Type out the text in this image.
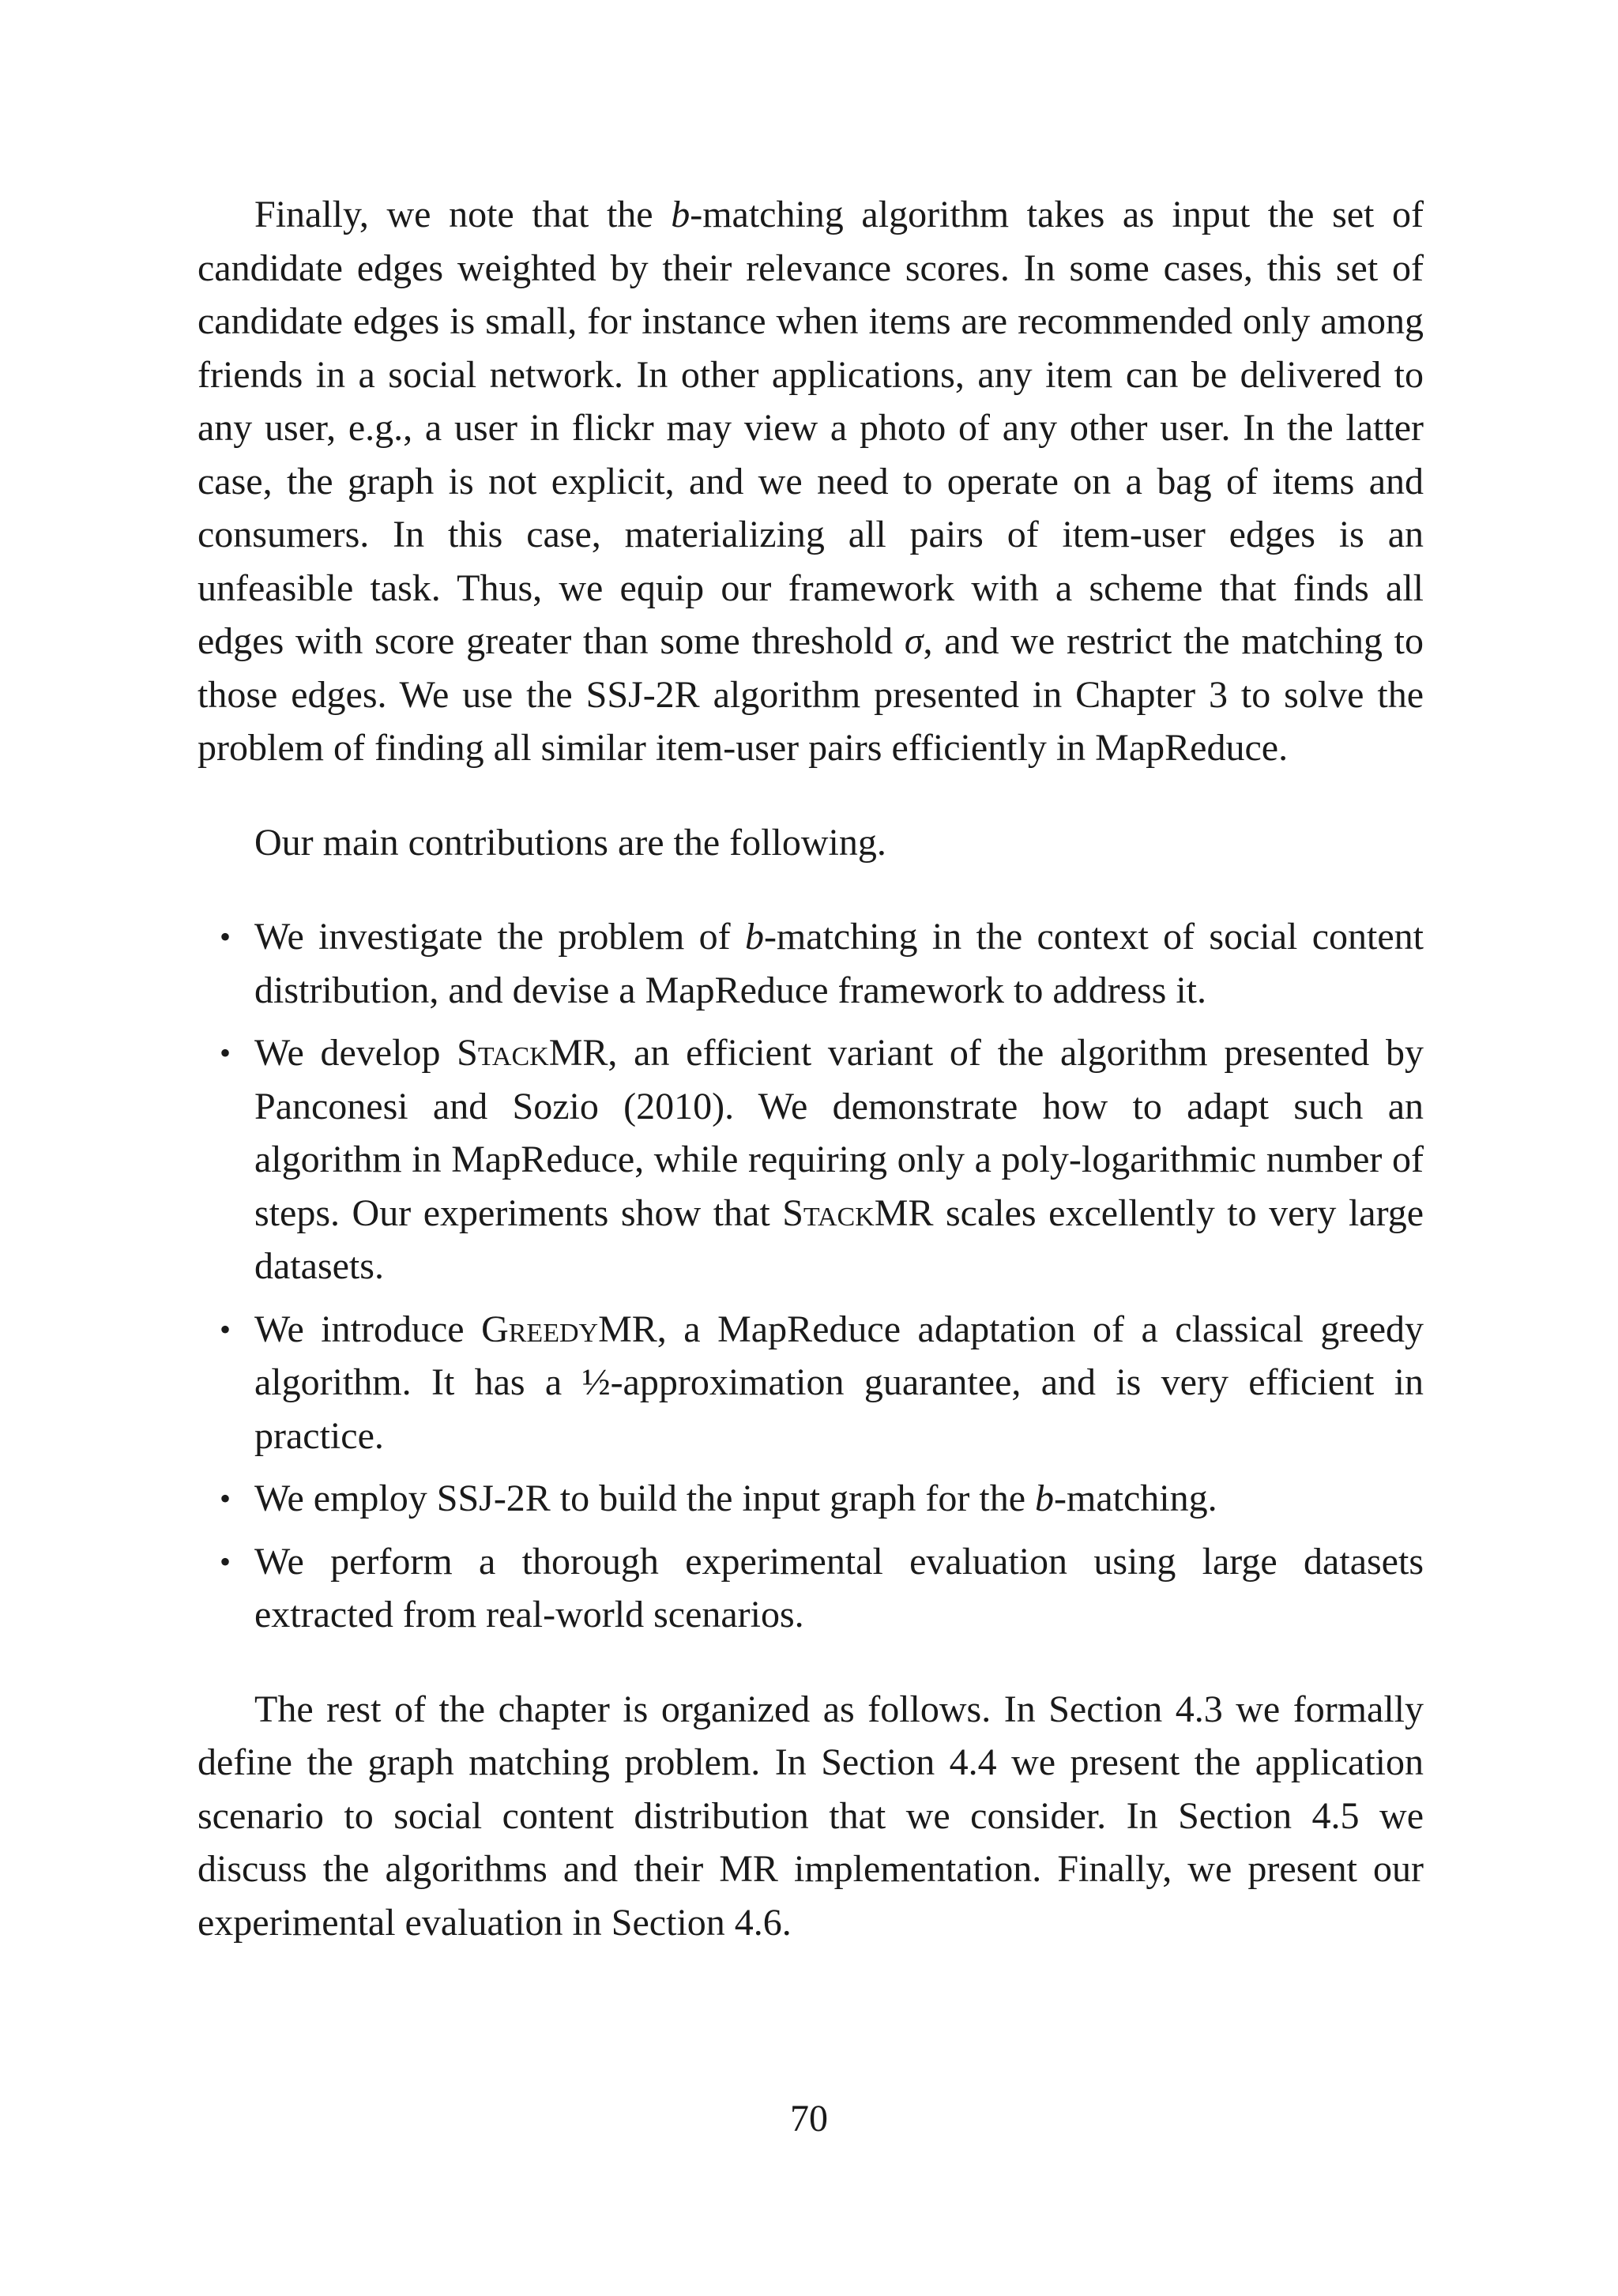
Finally, we note that the b-matching algorithm takes as input the set of candidate edges weighted by their relevance scores. In some cases, this set of candidate edges is small, for instance when items are recommended only among friends in a social network. In other applications, any item can be delivered to any user, e.g., a user in flickr may view a photo of any other user. In the latter case, the graph is not explicit, and we need to operate on a bag of items and consumers. In this case, materializing all pairs of item-user edges is an unfeasible task. Thus, we equip our framework with a scheme that finds all edges with score greater than some threshold σ, and we restrict the matching to those edges. We use the SSJ-2R algorithm presented in Chapter 3 to solve the problem of finding all similar item-user pairs efficiently in MapReduce.

Our main contributions are the following.

• We investigate the problem of b-matching in the context of social content distribution, and devise a MapReduce framework to address it.
• We develop StackMR, an efficient variant of the algorithm presented by Panconesi and Sozio (2010). We demonstrate how to adapt such an algorithm in MapReduce, while requiring only a poly-logarithmic number of steps. Our experiments show that StackMR scales excellently to very large datasets.
• We introduce GreedyMR, a MapReduce adaptation of a classical greedy algorithm. It has a ½-approximation guarantee, and is very efficient in practice.
• We employ SSJ-2R to build the input graph for the b-matching.
• We perform a thorough experimental evaluation using large datasets extracted from real-world scenarios.

The rest of the chapter is organized as follows. In Section 4.3 we formally define the graph matching problem. In Section 4.4 we present the application scenario to social content distribution that we consider. In Section 4.5 we discuss the algorithms and their MR implementation. Finally, we present our experimental evaluation in Section 4.6.

70
